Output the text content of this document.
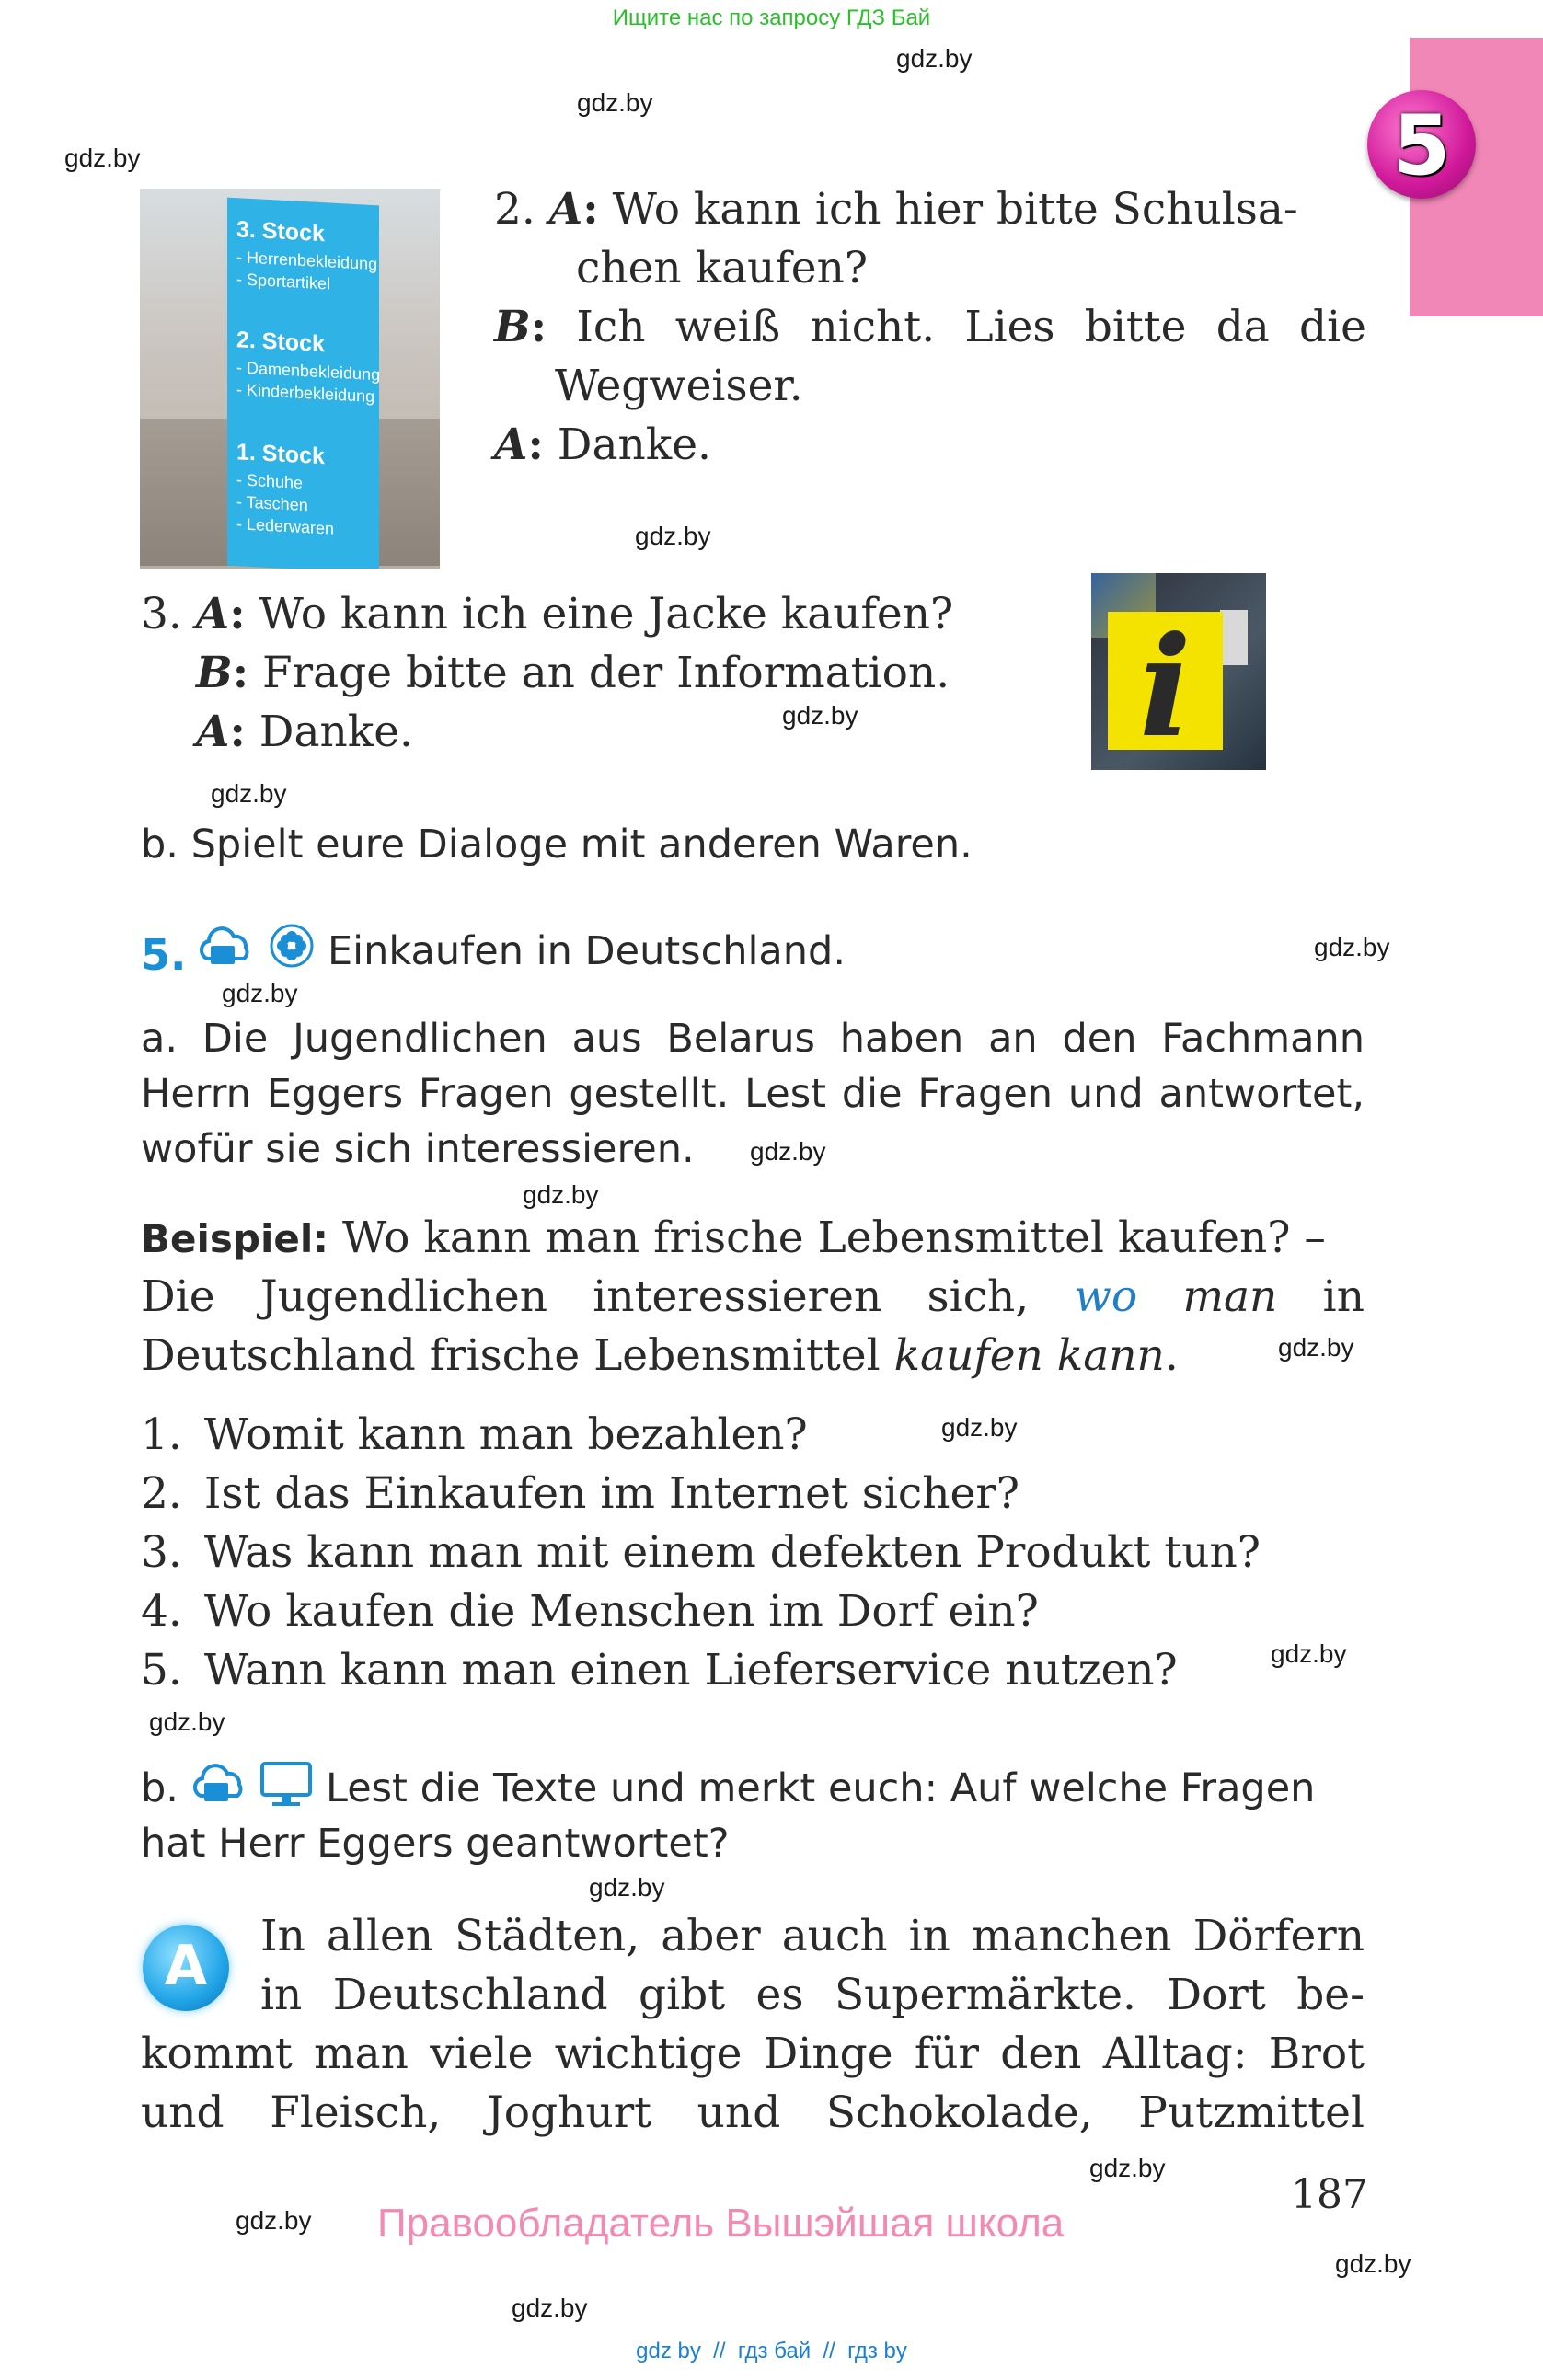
Ищите нас по запросу ГДЗ Бай
gdz.by
gdz.by
gdz.by
gdz.by
gdz.by
gdz.by
gdz.by
gdz.by
gdz.by
gdz.by
gdz.by
gdz.by
gdz.by
gdz.by
gdz.by
gdz.by
gdz.by
gdz.by
gdz.by
5
3. Stock
- Herrenbekleidung
- Sportartikel
2. Stock
- Damenbekleidung
- Kinderbekleidung
1. Stock
- Schuhe
- Taschen
- Lederwaren
2. A: Wo kann ich hier bitte Schulsa-
chen kaufen?
B: Ich weiß nicht. Lies bitte da die
Wegweiser.
A: Danke.
3. A: Wo kann ich eine Jacke kaufen?
B: Frage bitte an der Information.
A: Danke.	i
b. Spielt eure Dialoge mit anderen Waren.
5.	Einkaufen in Deutschland.
a. Die Jugendlichen aus Belarus haben an den Fachmann
Herrn Eggers Fragen gestellt. Lest die Fragen und antwortet,
wofür sie sich interessieren.
Beispiel: Wo kann man frische Lebensmittel kaufen? –
Die Jugendlichen interessieren sich, wo man in
Deutschland frische Lebensmittel kaufen kann.
1. Womit kann man bezahlen?
2. Ist das Einkaufen im Internet sicher?
3. Was kann man mit einem defekten Produkt tun?
4. Wo kaufen die Menschen im Dorf ein?
5. Wann kann man einen Lieferservice nutzen?
b.	Lest die Texte und merkt euch: Auf welche Fragen
hat Herr Eggers geantwortet?
A	In allen Städten, aber auch in manchen Dörfern
in Deutschland gibt es Supermärkte. Dort be-
kommt man viele wichtige Dinge für den Alltag: Brot
und Fleisch, Joghurt und Schokolade, Putzmittel
187
Правообладатель Вышэйшая школа
gdz by  //  гдз бай  //  гдз by
